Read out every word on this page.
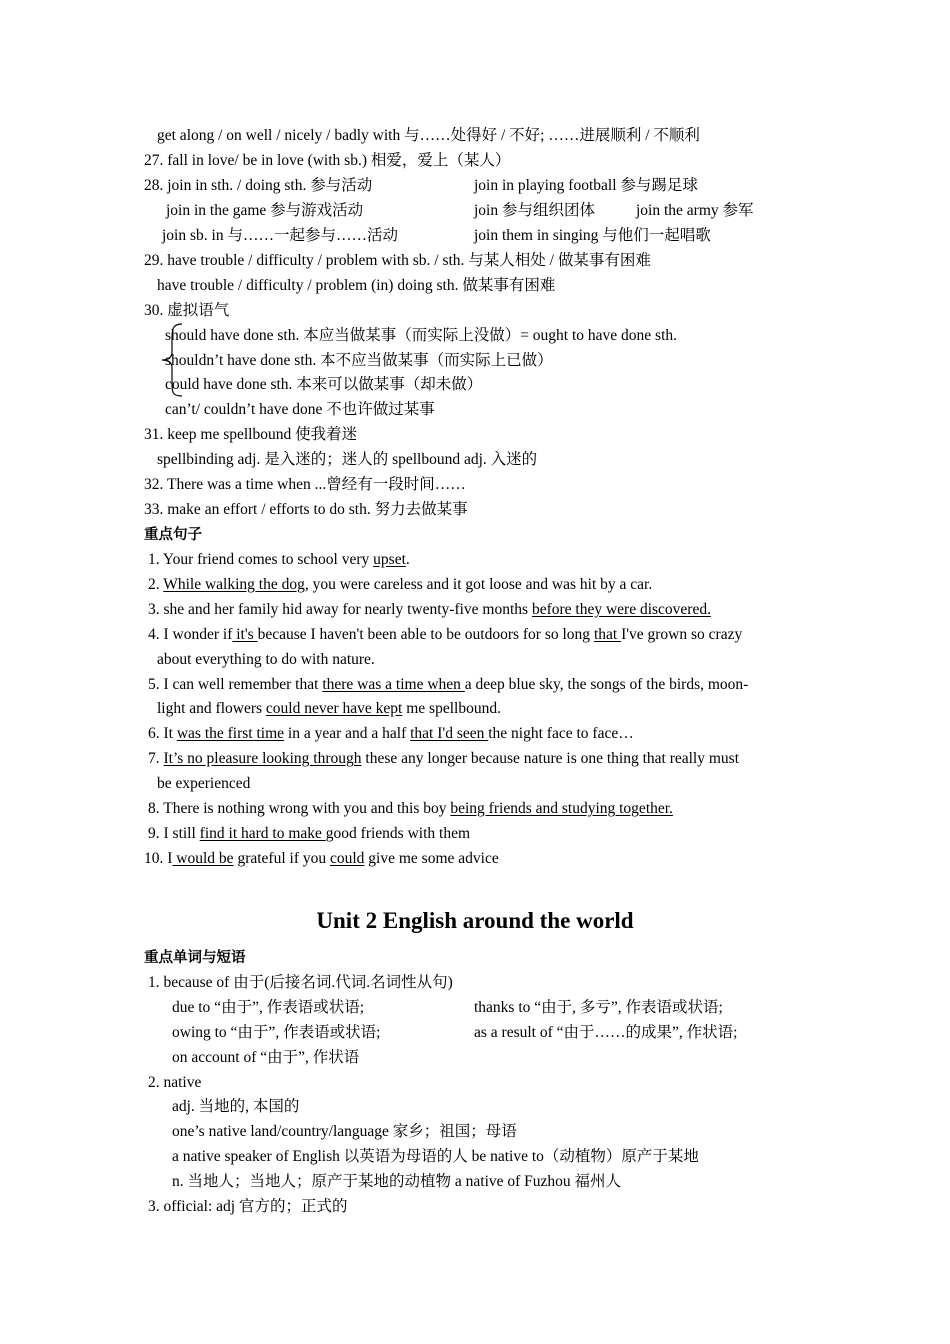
get along / on well / nicely / badly with 与……处得好 / 不好; ……进展顺利 / 不顺利
27. fall in love/ be in love (with sb.) 相爱，爱上（某人）
28. join in sth. / doing sth. 参与活动	join in playing football 参与踢足球
join in the game 参与游戏活动	join 参与组织团体	join the army 参军
join sb. in 与……一起参与……活动	join them in singing 与他们一起唱歌
29. have trouble / difficulty / problem with sb. / sth. 与某人相处 / 做某事有困难
have trouble / difficulty / problem (in) doing sth. 做某事有困难
30. 虚拟语气
should have done sth. 本应当做某事（而实际上没做）= ought to have done sth.
shouldn’t have done sth. 本不应当做某事（而实际上已做）
could have done sth. 本来可以做某事（却未做）
can’t/ couldn’t have done 不也许做过某事
31. keep me spellbound 使我着迷
spellbinding adj. 是入迷的；迷人的 spellbound adj. 入迷的
32. There was a time when ...曾经有一段时间……
33. make an effort / efforts to do sth. 努力去做某事
重点句子
1. Your friend comes to school very upset.
2. While walking the dog, you were careless and it got loose and was hit by a car.
3. she and her family hid away for nearly twenty-five months before they were discovered.
4. I wonder if it's because I haven't been able to be outdoors for so long that I've grown so crazy
about everything to do with nature.
5. I can well remember that there was a time when a deep blue sky, the songs of the birds, moon-
light and flowers could never have kept me spellbound.
6. It was the first time in a year and a half that I'd seen the night face to face…
7. It’s no pleasure looking through these any longer because nature is one thing that really must
be experienced
8. There is nothing wrong with you and this boy being friends and studying together.
9. I still find it hard to make good friends with them
10. I would be grateful if you could give me some advice
Unit 2 English around the world
重点单词与短语
1. because of 由于(后接名词.代词.名词性从句)
due to “由于”, 作表语或状语;	thanks to “由于, 多亏”, 作表语或状语;
owing to “由于”, 作表语或状语;	as a result of “由于……的成果”, 作状语;
on account of “由于”, 作状语
2. native
adj. 当地的, 本国的
one’s native land/country/language 家乡；祖国；母语
a native speaker of English 以英语为母语的人 be native to（动植物）原产于某地
n. 当地人；当地人；原产于某地的动植物 a native of Fuzhou 福州人
3. official: adj 官方的；正式的
